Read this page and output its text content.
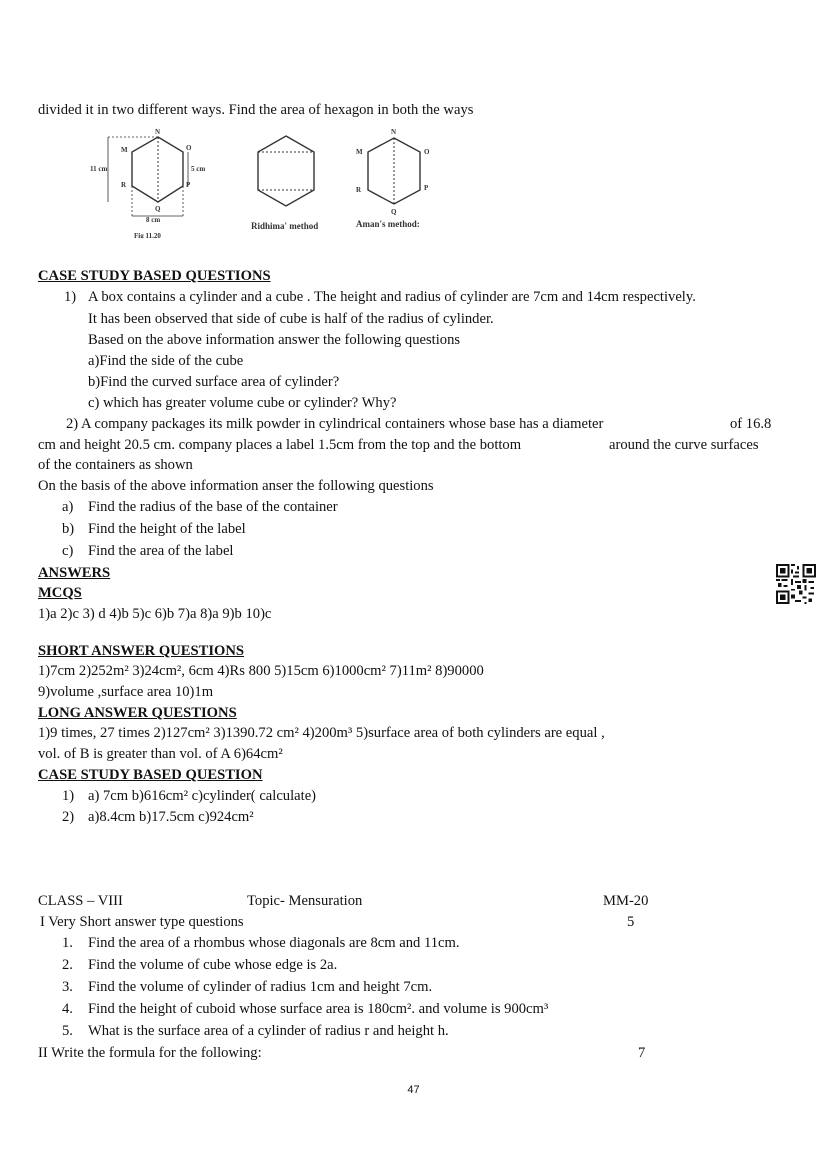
divided it in two different ways. Find the area of hexagon in both the ways
N
M	O
11 cm	5 cm
R	P
Q
8 cm
Fig 11.20
Ridhima' method
N
M	O
R	P
Q
Aman's method:
CASE STUDY BASED QUESTIONS
1) A box contains a cylinder and a cube . The height and radius of cylinder are 7cm and 14cm respectively.
It has been observed that side of cube is half of the radius of cylinder.
Based on the above information answer the following questions
a)Find the side of the cube
b)Find the curved surface area of cylinder?
c) which has greater volume cube or cylinder? Why?
2) A company packages its milk powder in cylindrical containers whose base has a diameter	of 16.8
cm and height 20.5 cm. company places a label 1.5cm from the top and the bottom	around the curve surfaces
of the containers as shown
On the basis of the above information anser the following questions
a) Find the radius of the base of the container
b) Find the height of the label
c) Find the area of the label
ANSWERS
MCQS
1)a 2)c 3) d 4)b 5)c 6)b 7)a 8)a 9)b 10)c
SHORT ANSWER QUESTIONS
1)7cm 2)252m² 3)24cm², 6cm 4)Rs 800 5)15cm 6)1000cm² 7)11m² 8)90000
9)volume ,surface area 10)1m
LONG ANSWER QUESTIONS
1)9 times, 27 times 2)127cm² 3)1390.72 cm² 4)200m³ 5)surface area of both cylinders are equal ,
vol. of B is greater than vol. of A 6)64cm²
CASE STUDY BASED QUESTION
1) a) 7cm b)616cm² c)cylinder( calculate)
2) a)8.4cm b)17.5cm c)924cm²
CLASS – VIII	Topic- Mensuration	MM-20
I Very Short answer type questions	5
1. Find the area of a rhombus whose diagonals are 8cm and 11cm.
2. Find the volume of cube whose edge is 2a.
3. Find the volume of cylinder of radius 1cm and height 7cm.
4. Find the height of cuboid whose surface area is 180cm². and volume is 900cm³
5. What is the surface area of a cylinder of radius r and height h.
II Write the formula for the following:	7
47
